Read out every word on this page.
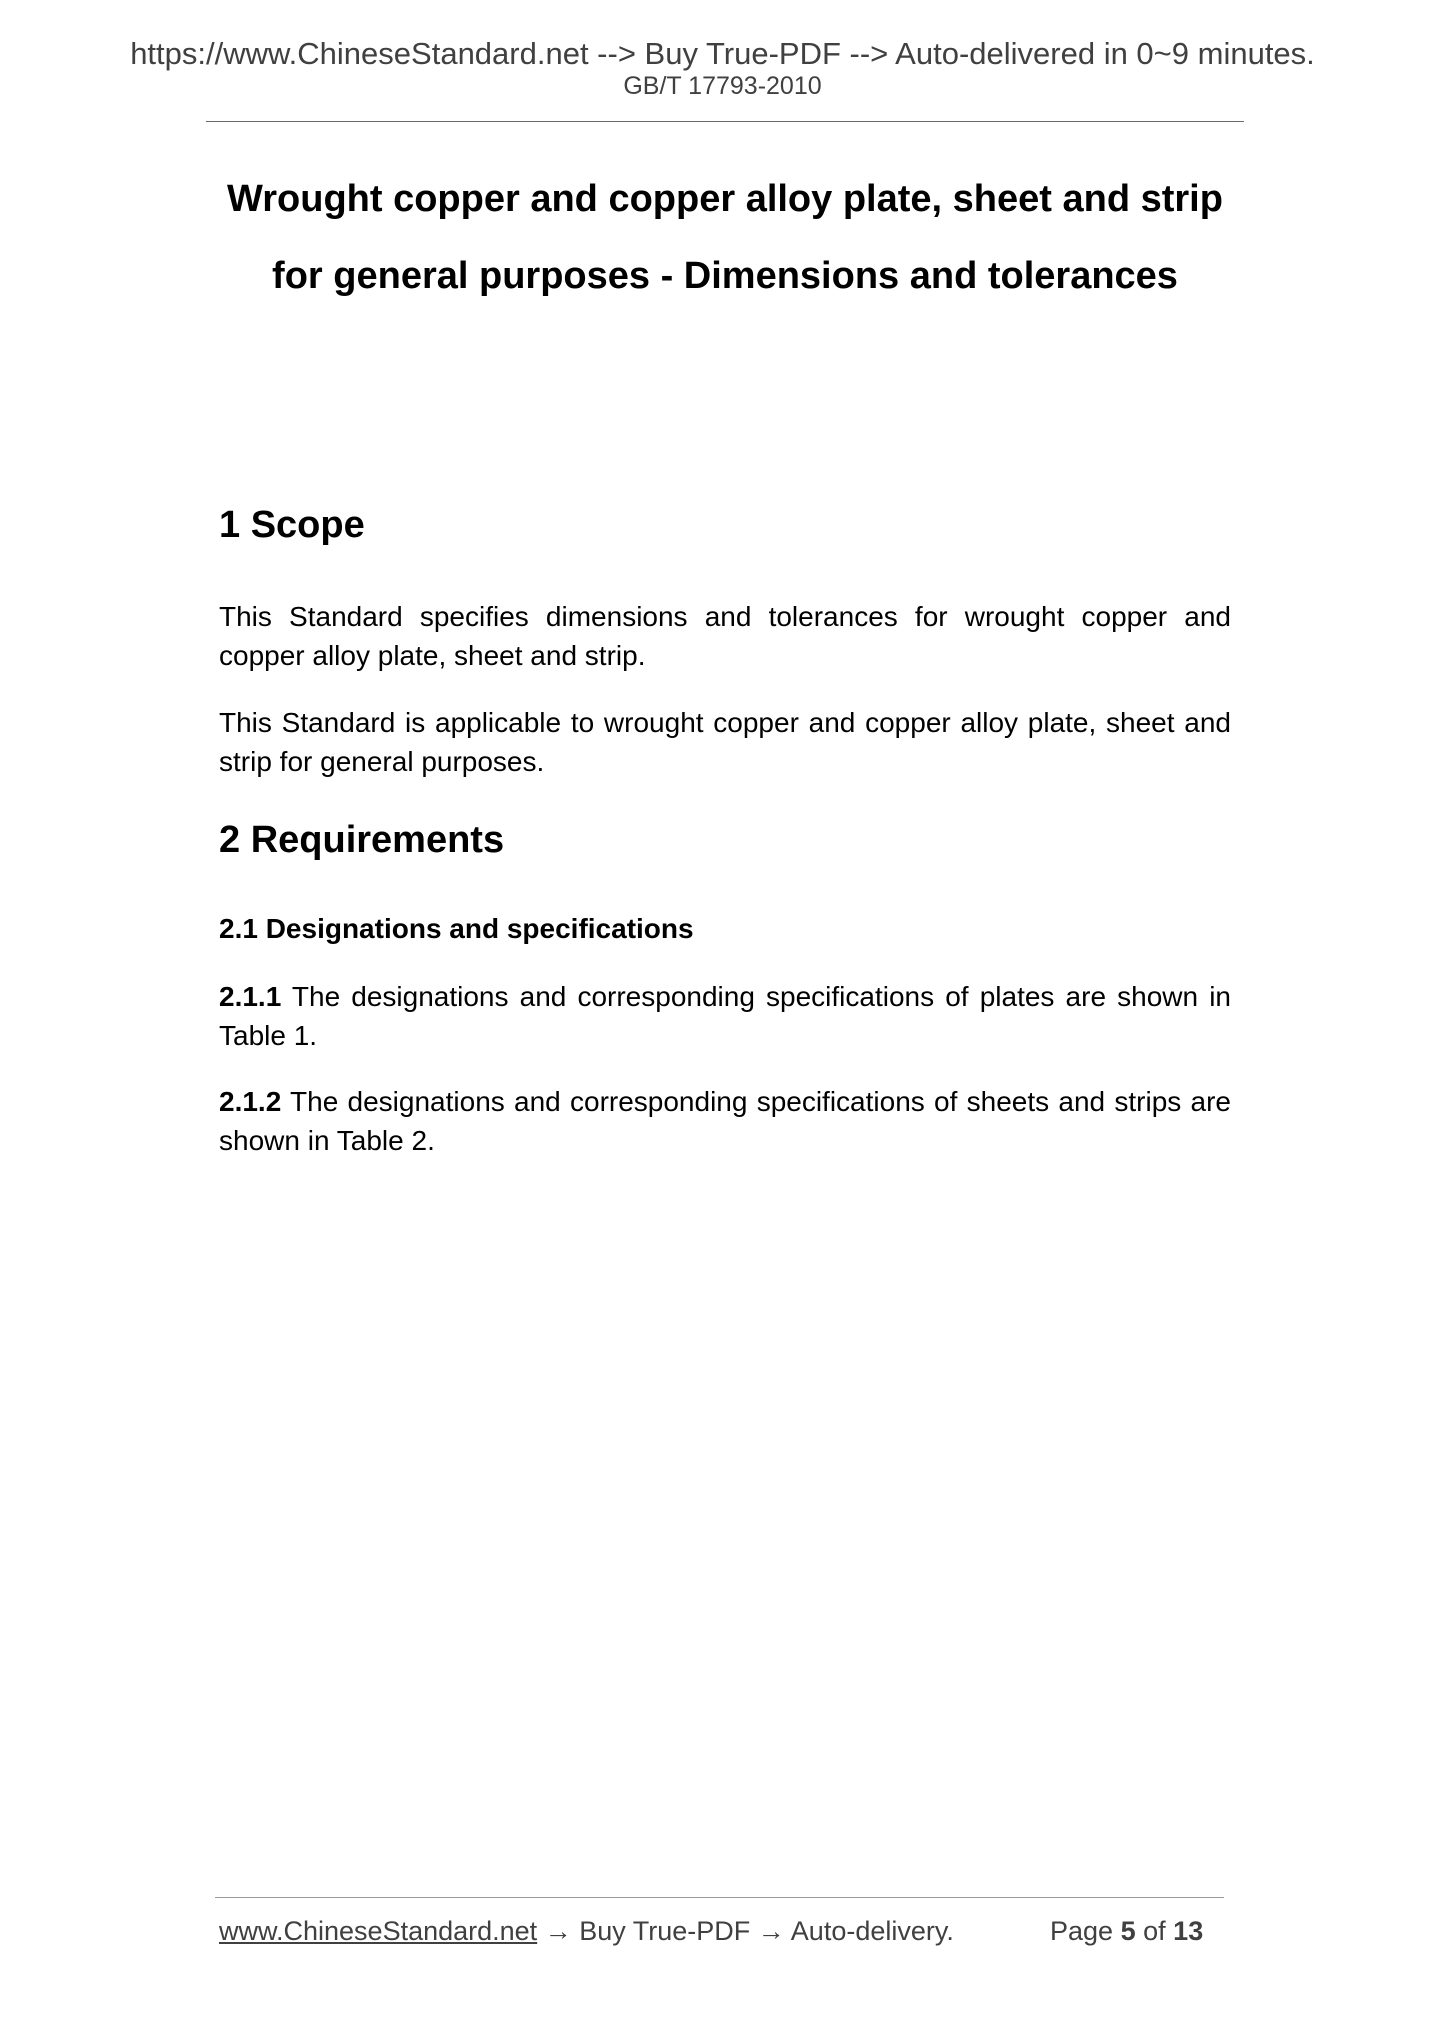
https://www.ChineseStandard.net --> Buy True-PDF --> Auto-delivered in 0~9 minutes.
GB/T 17793-2010
Wrought copper and copper alloy plate, sheet and strip for general purposes - Dimensions and tolerances
1 Scope

This Standard specifies dimensions and tolerances for wrought copper and copper alloy plate, sheet and strip.

This Standard is applicable to wrought copper and copper alloy plate, sheet and strip for general purposes.

2 Requirements
2.1 Designations and specifications

2.1.1 The designations and corresponding specifications of plates are shown in Table 1.

2.1.2 The designations and corresponding specifications of sheets and strips are shown in Table 2.

www.ChineseStandard.net → Buy True-PDF → Auto-delivery.	Page 5 of 13
